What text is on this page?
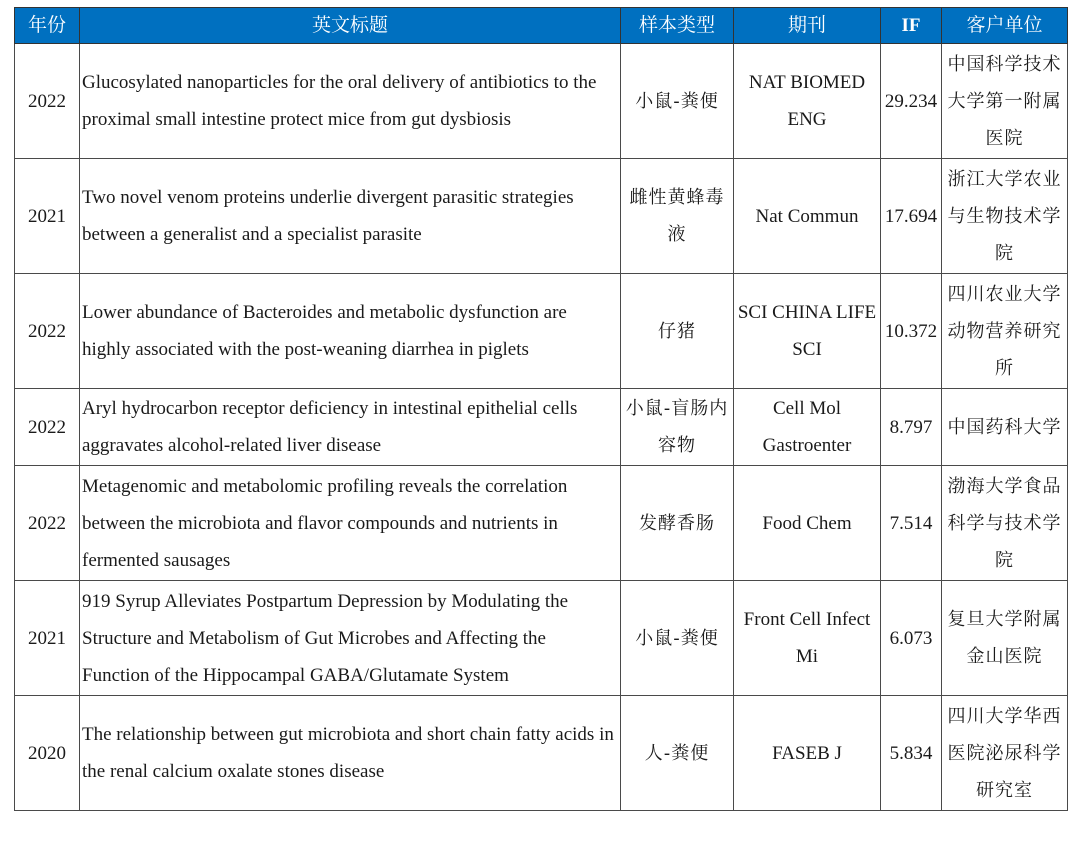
年份	英文标题	样本类型	期刊	IF	客户单位
2022	Glucosylated nanoparticles for the oral delivery of antibiotics to the proximal small intestine protect mice from gut dysbiosis	小鼠-粪便	NAT BIOMED ENG	29.234	中国科学技术大学第一附属医院
2021	Two novel venom proteins underlie divergent parasitic strategies between a generalist and a specialist parasite	雌性黄蜂毒液	Nat Commun	17.694	浙江大学农业与生物技术学院
2022	Lower abundance of Bacteroides and metabolic dysfunction are highly associated with the post-weaning diarrhea in piglets	仔猪	SCI CHINA LIFE SCI	10.372	四川农业大学动物营养研究所
2022	Aryl hydrocarbon receptor deficiency in intestinal epithelial cells aggravates alcohol-related liver disease	小鼠-盲肠内容物	Cell Mol Gastroenter	8.797	中国药科大学
2022	Metagenomic and metabolomic profiling reveals the correlation between the microbiota and flavor compounds and nutrients in fermented sausages	发酵香肠	Food Chem	7.514	渤海大学食品科学与技术学院
2021	919 Syrup Alleviates Postpartum Depression by Modulating the Structure and Metabolism of Gut Microbes and Affecting the Function of the Hippocampal GABA/Glutamate System	小鼠-粪便	Front Cell Infect Mi	6.073	复旦大学附属金山医院
2020	The relationship between gut microbiota and short chain fatty acids in the renal calcium oxalate stones disease	人-粪便	FASEB J	5.834	四川大学华西医院泌尿科学研究室
